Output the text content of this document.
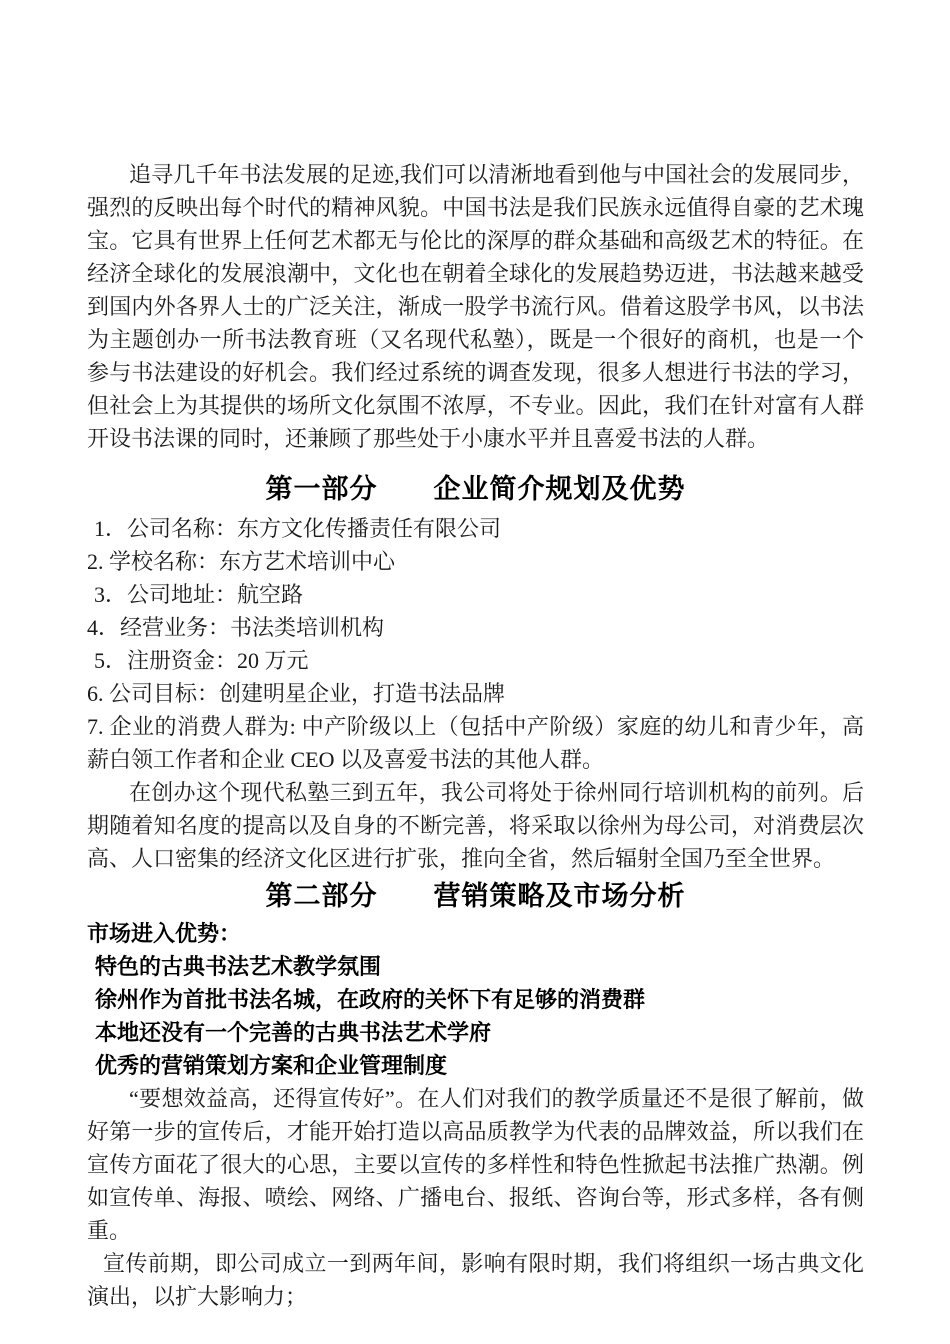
追寻几千年书法发展的足迹,我们可以清淅地看到他与中国社会的发展同步，强烈的反映出每个时代的精神风貌。中国书法是我们民族永远值得自豪的艺术瑰宝。它具有世界上任何艺术都无与伦比的深厚的群众基础和高级艺术的特征。在经济全球化的发展浪潮中，文化也在朝着全球化的发展趋势迈进，书法越来越受到国内外各界人士的广泛关注，渐成一股学书流行风。借着这股学书风，以书法为主题创办一所书法教育班（又名现代私塾），既是一个很好的商机，也是一个参与书法建设的好机会。我们经过系统的调查发现，很多人想进行书法的学习，但社会上为其提供的场所文化氛围不浓厚，不专业。因此，我们在针对富有人群开设书法课的同时，还兼顾了那些处于小康水平并且喜爱书法的人群。

第一部分　　企业简介规划及优势
1．公司名称：东方文化传播责任有限公司
2. 学校名称：东方艺术培训中心
3．公司地址：航空路
4．经营业务：书法类培训机构
5．注册资金：20 万元
6. 公司目标：创建明星企业，打造书法品牌
7. 企业的消费人群为: 中产阶级以上（包括中产阶级）家庭的幼儿和青少年，高薪白领工作者和企业 CEO 以及喜爱书法的其他人群。

在创办这个现代私塾三到五年，我公司将处于徐州同行培训机构的前列。后期随着知名度的提高以及自身的不断完善，将采取以徐州为母公司，对消费层次高、人口密集的经济文化区进行扩张，推向全省，然后辐射全国乃至全世界。

第二部分　　营销策略及市场分析
市场进入优势：
特色的古典书法艺术教学氛围
徐州作为首批书法名城，在政府的关怀下有足够的消费群
本地还没有一个完善的古典书法艺术学府
优秀的营销策划方案和企业管理制度

“要想效益高，还得宣传好”。在人们对我们的教学质量还不是很了解前，做好第一步的宣传后，才能开始打造以高品质教学为代表的品牌效益，所以我们在宣传方面花了很大的心思，主要以宣传的多样性和特色性掀起书法推广热潮。例如宣传单、海报、喷绘、网络、广播电台、报纸、咨询台等，形式多样，各有侧重。

宣传前期，即公司成立一到两年间，影响有限时期，我们将组织一场古典文化演出，以扩大影响力；
